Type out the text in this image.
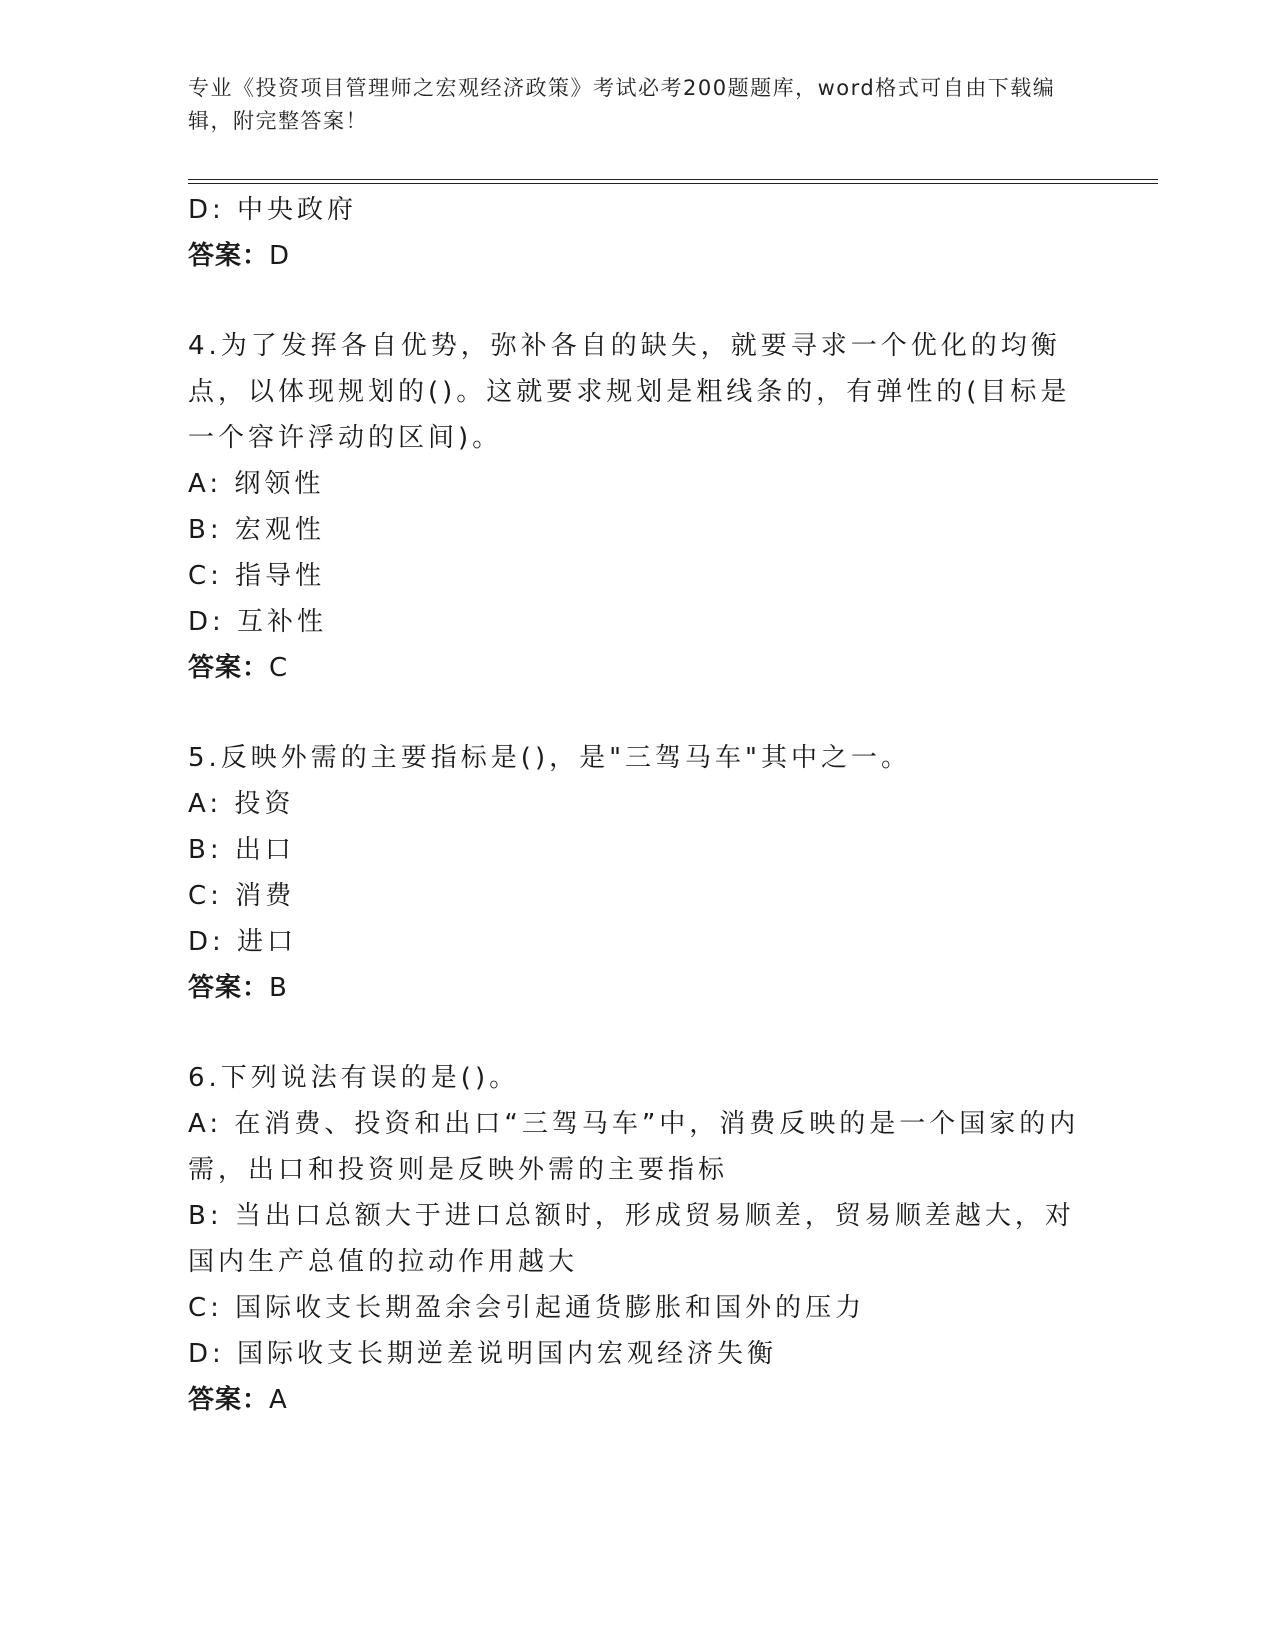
专业《投资项目管理师之宏观经济政策》考试必考200题题库，word格式可自由下载编辑，附完整答案！
D: 中央政府
答案：D
4.为了发挥各自优势，弥补各自的缺失，就要寻求一个优化的均衡点，以体现规划的()。这就要求规划是粗线条的，有弹性的(目标是一个容许浮动的区间)。
A: 纲领性
B: 宏观性
C: 指导性
D: 互补性
答案：C
5.反映外需的主要指标是()，是"三驾马车"其中之一。
A: 投资
B: 出口
C: 消费
D: 进口
答案：B
6.下列说法有误的是()。
A: 在消费、投资和出口“三驾马车”中，消费反映的是一个国家的内需，出口和投资则是反映外需的主要指标
B: 当出口总额大于进口总额时，形成贸易顺差，贸易顺差越大，对国内生产总值的拉动作用越大
C: 国际收支长期盈余会引起通货膨胀和国外的压力
D: 国际收支长期逆差说明国内宏观经济失衡
答案：A
